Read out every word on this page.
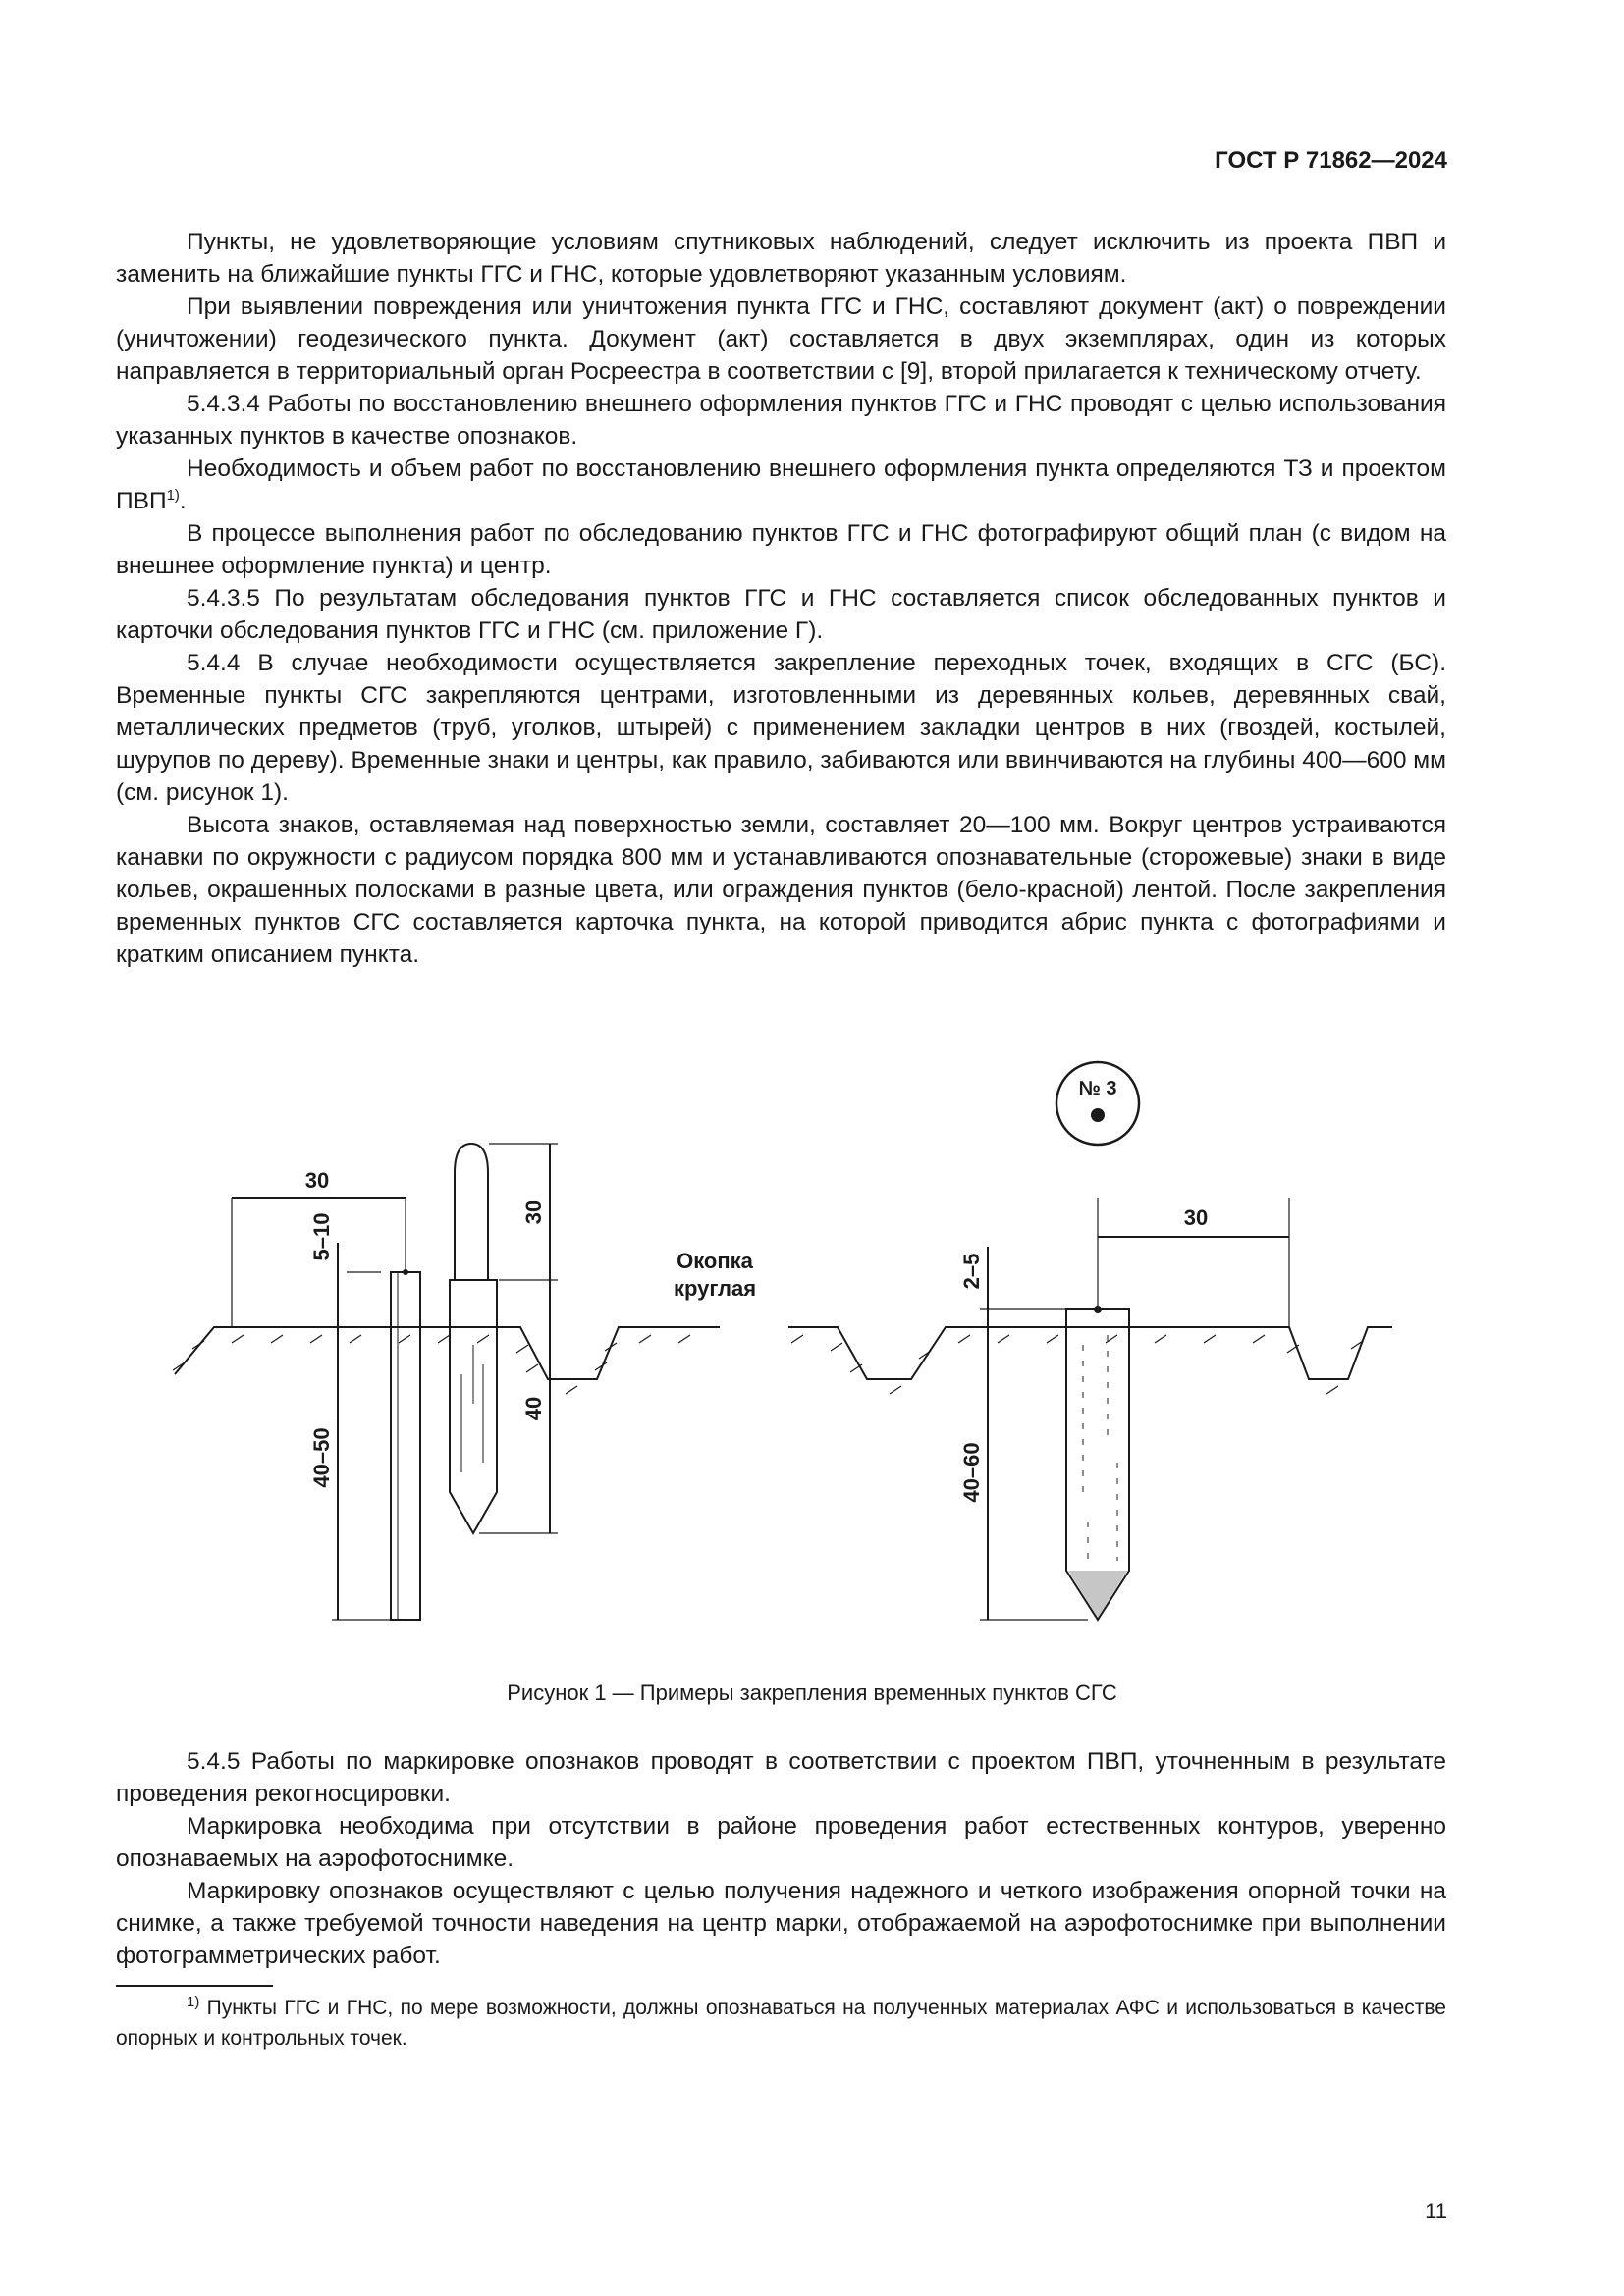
ГОСТ Р 71862—2024

Пункты, не удовлетворяющие условиям спутниковых наблюдений, следует исключить из проекта ПВП и заменить на ближайшие пункты ГГС и ГНС, которые удовлетворяют указанным условиям.

При выявлении повреждения или уничтожения пункта ГГС и ГНС, составляют документ (акт) о повреждении (уничтожении) геодезического пункта. Документ (акт) составляется в двух экземплярах, один из которых направляется в территориальный орган Росреестра в соответствии с [9], второй прилагается к техническому отчету.

5.4.3.4 Работы по восстановлению внешнего оформления пунктов ГГС и ГНС проводят с целью использования указанных пунктов в качестве опознаков.

Необходимость и объем работ по восстановлению внешнего оформления пункта определяются ТЗ и проектом ПВП$^{1)}$.

В процессе выполнения работ по обследованию пунктов ГГС и ГНС фотографируют общий план (с видом на внешнее оформление пункта) и центр.

5.4.3.5 По результатам обследования пунктов ГГС и ГНС составляется список обследованных пунктов и карточки обследования пунктов ГГС и ГНС (см. приложение Г).

5.4.4 В случае необходимости осуществляется закрепление переходных точек, входящих в СГС (БС). Временные пункты СГС закрепляются центрами, изготовленными из деревянных кольев, деревянных свай, металлических предметов (труб, уголков, штырей) с применением закладки центров в них (гвоздей, костылей, шурупов по дереву). Временные знаки и центры, как правило, забиваются или ввинчиваются на глубины 400—600 мм (см. рисунок 1).

Высота знаков, оставляемая над поверхностью земли, составляет 20—100 мм. Вокруг центров устраиваются канавки по окружности с радиусом порядка 800 мм и устанавливаются опознавательные (сторожевые) знаки в виде кольев, окрашенных полосками в разные цвета, или ограждения пунктов (бело-красной) лентой. После закрепления временных пунктов СГС составляется карточка пункта, на которой приводится абрис пункта с фотографиями и кратким описанием пункта.

30
5–10
40–50
30
40
Окопка
круглая
30
2–5
40–60
№ 3
Рисунок 1 — Примеры закрепления временных пунктов СГС

5.4.5 Работы по маркировке опознаков проводят в соответствии с проектом ПВП, уточненным в результате проведения рекогносцировки.

Маркировка необходима при отсутствии в районе проведения работ естественных контуров, уверенно опознаваемых на аэрофотоснимке.

Маркировку опознаков осуществляют с целью получения надежного и четкого изображения опорной точки на снимке, а также требуемой точности наведения на центр марки, отображаемой на аэрофотоснимке при выполнении фотограмметрических работ.

$^{1)}$ Пункты ГГС и ГНС, по мере возможности, должны опознаваться на полученных материалах АФС и использоваться в качестве опорных и контрольных точек.

11
